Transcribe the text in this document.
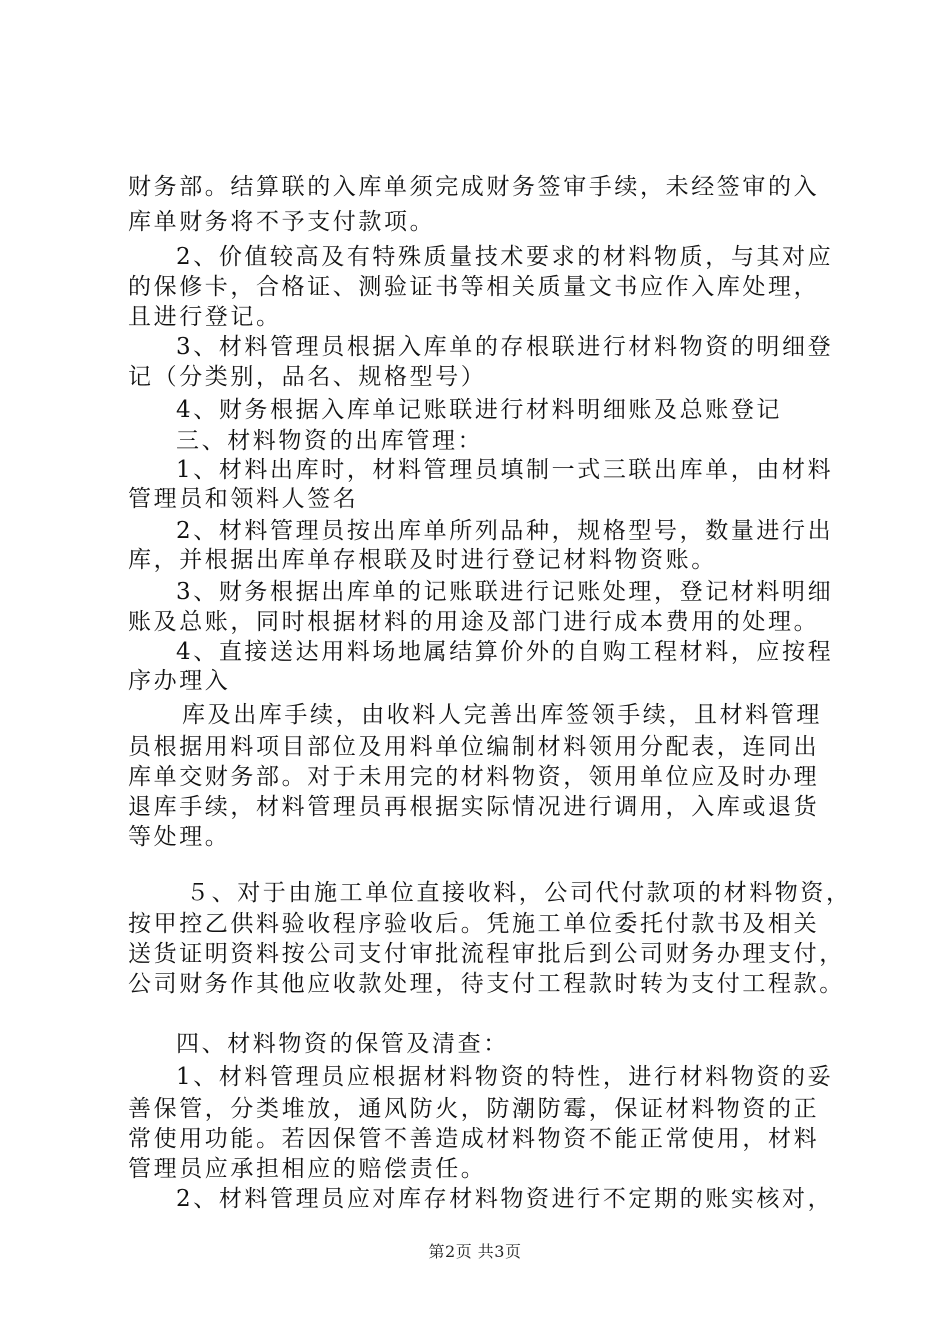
财务部。结算联的入库单须完成财务签审手续，未经签审的入
库单财务将不予支付款项。
2、价值较高及有特殊质量技术要求的材料物质，与其对应
的保修卡，合格证、测验证书等相关质量文书应作入库处理，
且进行登记。
3、材料管理员根据入库单的存根联进行材料物资的明细登
记（分类别，品名、规格型号）
4、财务根据入库单记账联进行材料明细账及总账登记
三、材料物资的出库管理：
1、材料出库时，材料管理员填制一式三联出库单，由材料
管理员和领料人签名
2、材料管理员按出库单所列品种，规格型号，数量进行出
库，并根据出库单存根联及时进行登记材料物资账。
3、财务根据出库单的记账联进行记账处理，登记材料明细
账及总账，同时根据材料的用途及部门进行成本费用的处理。
4、直接送达用料场地属结算价外的自购工程材料，应按程
序办理入
库及出库手续，由收料人完善出库签领手续，且材料管理
员根据用料项目部位及用料单位编制材料领用分配表，连同出
库单交财务部。对于未用完的材料物资，领用单位应及时办理
退库手续，材料管理员再根据实际情况进行调用，入库或退货
等处理。
５、对于由施工单位直接收料，公司代付款项的材料物资，
按甲控乙供料验收程序验收后。凭施工单位委托付款书及相关
送货证明资料按公司支付审批流程审批后到公司财务办理支付，
公司财务作其他应收款处理，待支付工程款时转为支付工程款。
四、材料物资的保管及清查：
1、材料管理员应根据材料物资的特性，进行材料物资的妥
善保管，分类堆放，通风防火，防潮防霉，保证材料物资的正
常使用功能。若因保管不善造成材料物资不能正常使用，材料
管理员应承担相应的赔偿责任。
2、材料管理员应对库存材料物资进行不定期的账实核对，
第2页 共3页
